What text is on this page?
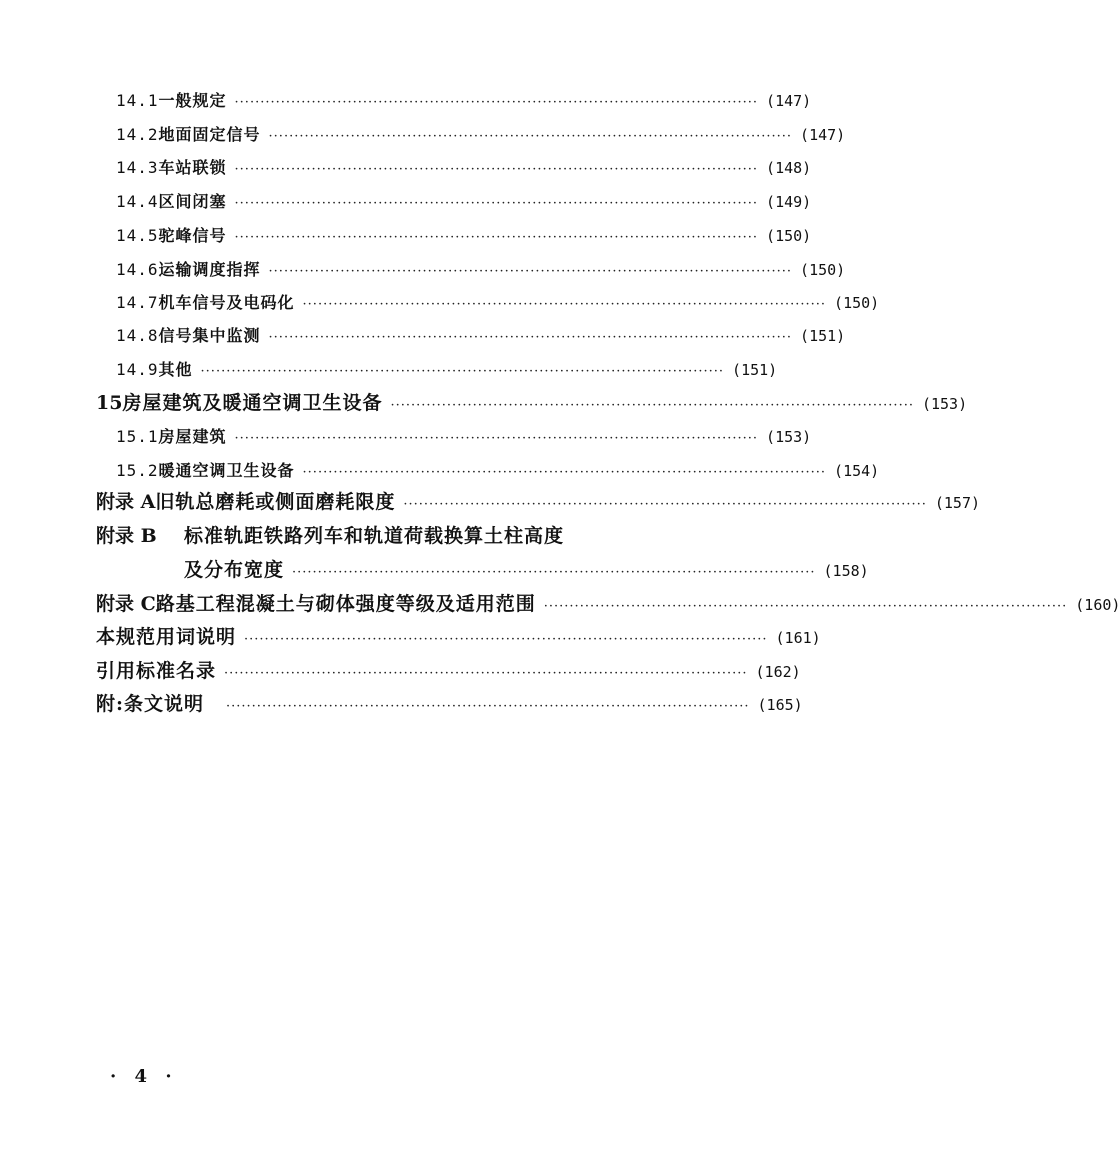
14.1 一般规定 ······································································································ (147)
14.2 地面固定信号 ······································································································ (147)
14.3 车站联锁 ······································································································ (148)
14.4 区间闭塞 ······································································································ (149)
14.5 驼峰信号 ······································································································ (150)
14.6 运输调度指挥 ······································································································ (150)
14.7 机车信号及电码化 ······································································································ (150)
14.8 信号集中监测 ······································································································ (151)
14.9 其他 ······································································································ (151)
15 房屋建筑及暖通空调卫生设备 ······································································································ (153)
15.1 房屋建筑 ······································································································ (153)
15.2 暖通空调卫生设备 ······································································································ (154)
附录 A 旧轨总磨耗或侧面磨耗限度 ······································································································ (157)
附录 B	标准轨距铁路列车和轨道荷载换算土柱高度
及分布宽度 ······································································································ (158)
附录 C 路基工程混凝土与砌体强度等级及适用范围 ······································································································ (160)
本规范用词说明 ······································································································ (161)
引用标准名录 ······································································································ (162)
附:条文说明 ······································································································ (165)
· 4 ·
